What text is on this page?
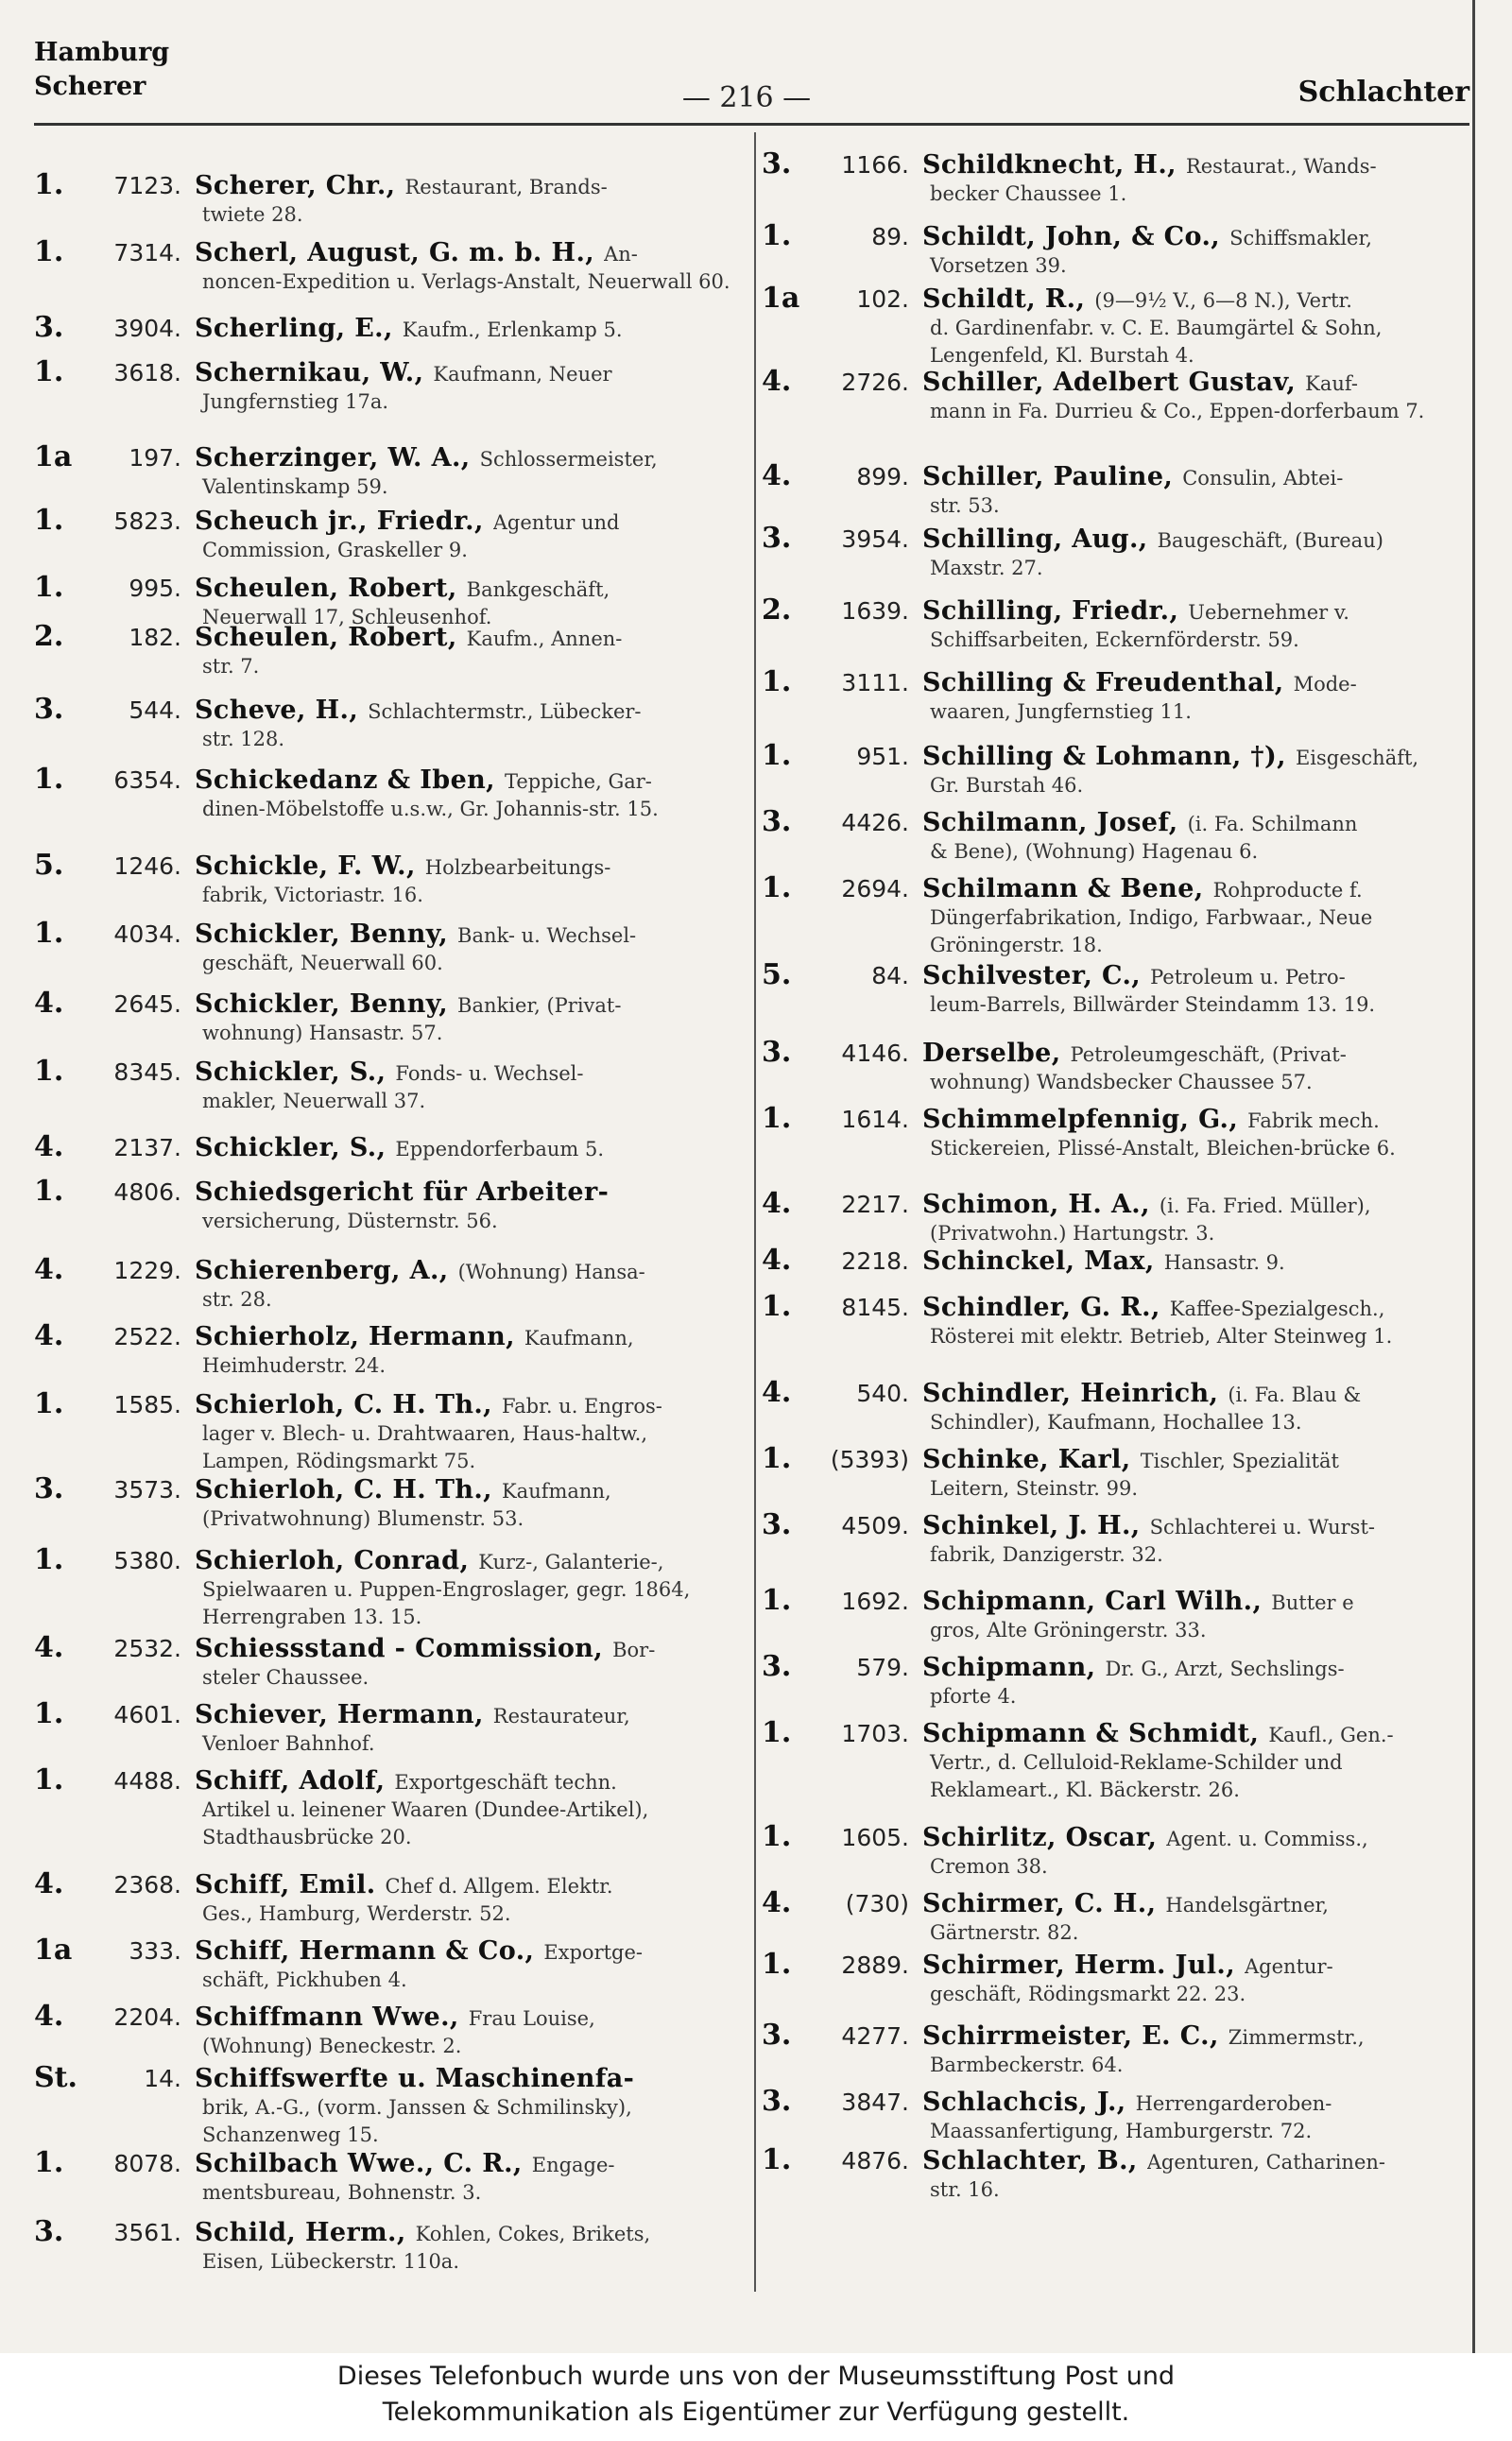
Hamburg
Scherer	— 216 —	Schlachter
1.	7123. Scherer, Chr., Restaurant, Brands-
twiete 28.
1.	7314. Scherl, August, G. m. b. H., An-
noncen-Expedition u. Verlags-Anstalt, Neuerwall 60.
3.	3904. Scherling, E., Kaufm., Erlenkamp 5.
1.	3618. Schernikau, W., Kaufmann, Neuer
Jungfernstieg 17a.
1a	197. Scherzinger, W. A., Schlossermeister,
Valentinskamp 59.
1.	5823. Scheuch jr., Friedr., Agentur und
Commission, Graskeller 9.
1.	995. Scheulen, Robert, Bankgeschäft,
Neuerwall 17, Schleusenhof.
2.	182. Scheulen, Robert, Kaufm., Annen-
str. 7.
3.	544. Scheve, H., Schlachtermstr., Lübecker-
str. 128.
1.	6354. Schickedanz & Iben, Teppiche, Gar-
dinen-Möbelstoffe u.s.w., Gr. Johannis-str. 15.
5.	1246. Schickle, F. W., Holzbearbeitungs-
fabrik, Victoriastr. 16.
1.	4034. Schickler, Benny, Bank- u. Wechsel-
geschäft, Neuerwall 60.
4.	2645. Schickler, Benny, Bankier, (Privat-
wohnung) Hansastr. 57.
1.	8345. Schickler, S., Fonds- u. Wechsel-
makler, Neuerwall 37.
4.	2137. Schickler, S., Eppendorferbaum 5.
1.	4806. Schiedsgericht für Arbeiter-
versicherung, Düsternstr. 56.
4.	1229. Schierenberg, A., (Wohnung) Hansa-
str. 28.
4.	2522. Schierholz, Hermann, Kaufmann,
Heimhuderstr. 24.
1.	1585. Schierloh, C. H. Th., Fabr. u. Engros-
lager v. Blech- u. Drahtwaaren, Haus-haltw., Lampen, Rödingsmarkt 75.
3.	3573. Schierloh, C. H. Th., Kaufmann,
(Privatwohnung) Blumenstr. 53.
1.	5380. Schierloh, Conrad, Kurz-, Galanterie-,
Spielwaaren u. Puppen-Engroslager, gegr. 1864, Herrengraben 13. 15.
4.	2532. Schiessstand - Commission, Bor-
steler Chaussee.
1.	4601. Schiever, Hermann, Restaurateur,
Venloer Bahnhof.
1.	4488. Schiff, Adolf, Exportgeschäft techn.
Artikel u. leinener Waaren (Dundee-Artikel), Stadthausbrücke 20.
4.	2368. Schiff, Emil. Chef d. Allgem. Elektr.
Ges., Hamburg, Werderstr. 52.
1a	333. Schiff, Hermann & Co., Exportge-
schäft, Pickhuben 4.
4.	2204. Schiffmann Wwe., Frau Louise,
(Wohnung) Beneckestr. 2.
St.	14. Schiffswerfte u. Maschinenfa-
brik, A.-G., (vorm. Janssen & Schmilinsky), Schanzenweg 15.
1.	8078. Schilbach Wwe., C. R., Engage-
mentsbureau, Bohnenstr. 3.
3.	3561. Schild, Herm., Kohlen, Cokes, Brikets,
Eisen, Lübeckerstr. 110a.
3.	1166. Schildknecht, H., Restaurat., Wands-
becker Chaussee 1.
1.	89. Schildt, John, & Co., Schiffsmakler,
Vorsetzen 39.
1a	102. Schildt, R., (9—9½ V., 6—8 N.), Vertr.
d. Gardinenfabr. v. C. E. Baumgärtel & Sohn, Lengenfeld, Kl. Burstah 4.
4.	2726. Schiller, Adelbert Gustav, Kauf-
mann in Fa. Durrieu & Co., Eppen-dorferbaum 7.
4.	899. Schiller, Pauline, Consulin, Abtei-
str. 53.
3.	3954. Schilling, Aug., Baugeschäft, (Bureau)
Maxstr. 27.
2.	1639. Schilling, Friedr., Uebernehmer v.
Schiffsarbeiten, Eckernförderstr. 59.
1.	3111. Schilling & Freudenthal, Mode-
waaren, Jungfernstieg 11.
1.	951. Schilling & Lohmann, †), Eisgeschäft,
Gr. Burstah 46.
3.	4426. Schilmann, Josef, (i. Fa. Schilmann
& Bene), (Wohnung) Hagenau 6.
1.	2694. Schilmann & Bene, Rohproducte f.
Düngerfabrikation, Indigo, Farbwaar., Neue Gröningerstr. 18.
5.	84. Schilvester, C., Petroleum u. Petro-
leum-Barrels, Billwärder Steindamm 13. 19.
3.	4146. Derselbe, Petroleumgeschäft, (Privat-
wohnung) Wandsbecker Chaussee 57.
1.	1614. Schimmelpfennig, G., Fabrik mech.
Stickereien, Plissé-Anstalt, Bleichen-brücke 6.
4.	2217. Schimon, H. A., (i. Fa. Fried. Müller),
(Privatwohn.) Hartungstr. 3.
4.	2218. Schinckel, Max, Hansastr. 9.
1.	8145. Schindler, G. R., Kaffee-Spezialgesch.,
Rösterei mit elektr. Betrieb, Alter Steinweg 1.
4.	540. Schindler, Heinrich, (i. Fa. Blau &
Schindler), Kaufmann, Hochallee 13.
1.	(5393) Schinke, Karl, Tischler, Spezialität
Leitern, Steinstr. 99.
3.	4509. Schinkel, J. H., Schlachterei u. Wurst-
fabrik, Danzigerstr. 32.
1.	1692. Schipmann, Carl Wilh., Butter e
gros, Alte Gröningerstr. 33.
3.	579. Schipmann, Dr. G., Arzt, Sechslings-
pforte 4.
1.	1703. Schipmann & Schmidt, Kaufl., Gen.-
Vertr., d. Celluloid-Reklame-Schilder und Reklameart., Kl. Bäckerstr. 26.
1.	1605. Schirlitz, Oscar, Agent. u. Commiss.,
Cremon 38.
4.	(730) Schirmer, C. H., Handelsgärtner,
Gärtnerstr. 82.
1.	2889. Schirmer, Herm. Jul., Agentur-
geschäft, Rödingsmarkt 22. 23.
3.	4277. Schirrmeister, E. C., Zimmermstr.,
Barmbeckerstr. 64.
3.	3847. Schlachcis, J., Herrengarderoben-
Maassanfertigung, Hamburgerstr. 72.
1.	4876. Schlachter, B., Agenturen, Catharinen-
str. 16.
Dieses Telefonbuch wurde uns von der Museumsstiftung Post und
Telekommunikation als Eigentümer zur Verfügung gestellt.
